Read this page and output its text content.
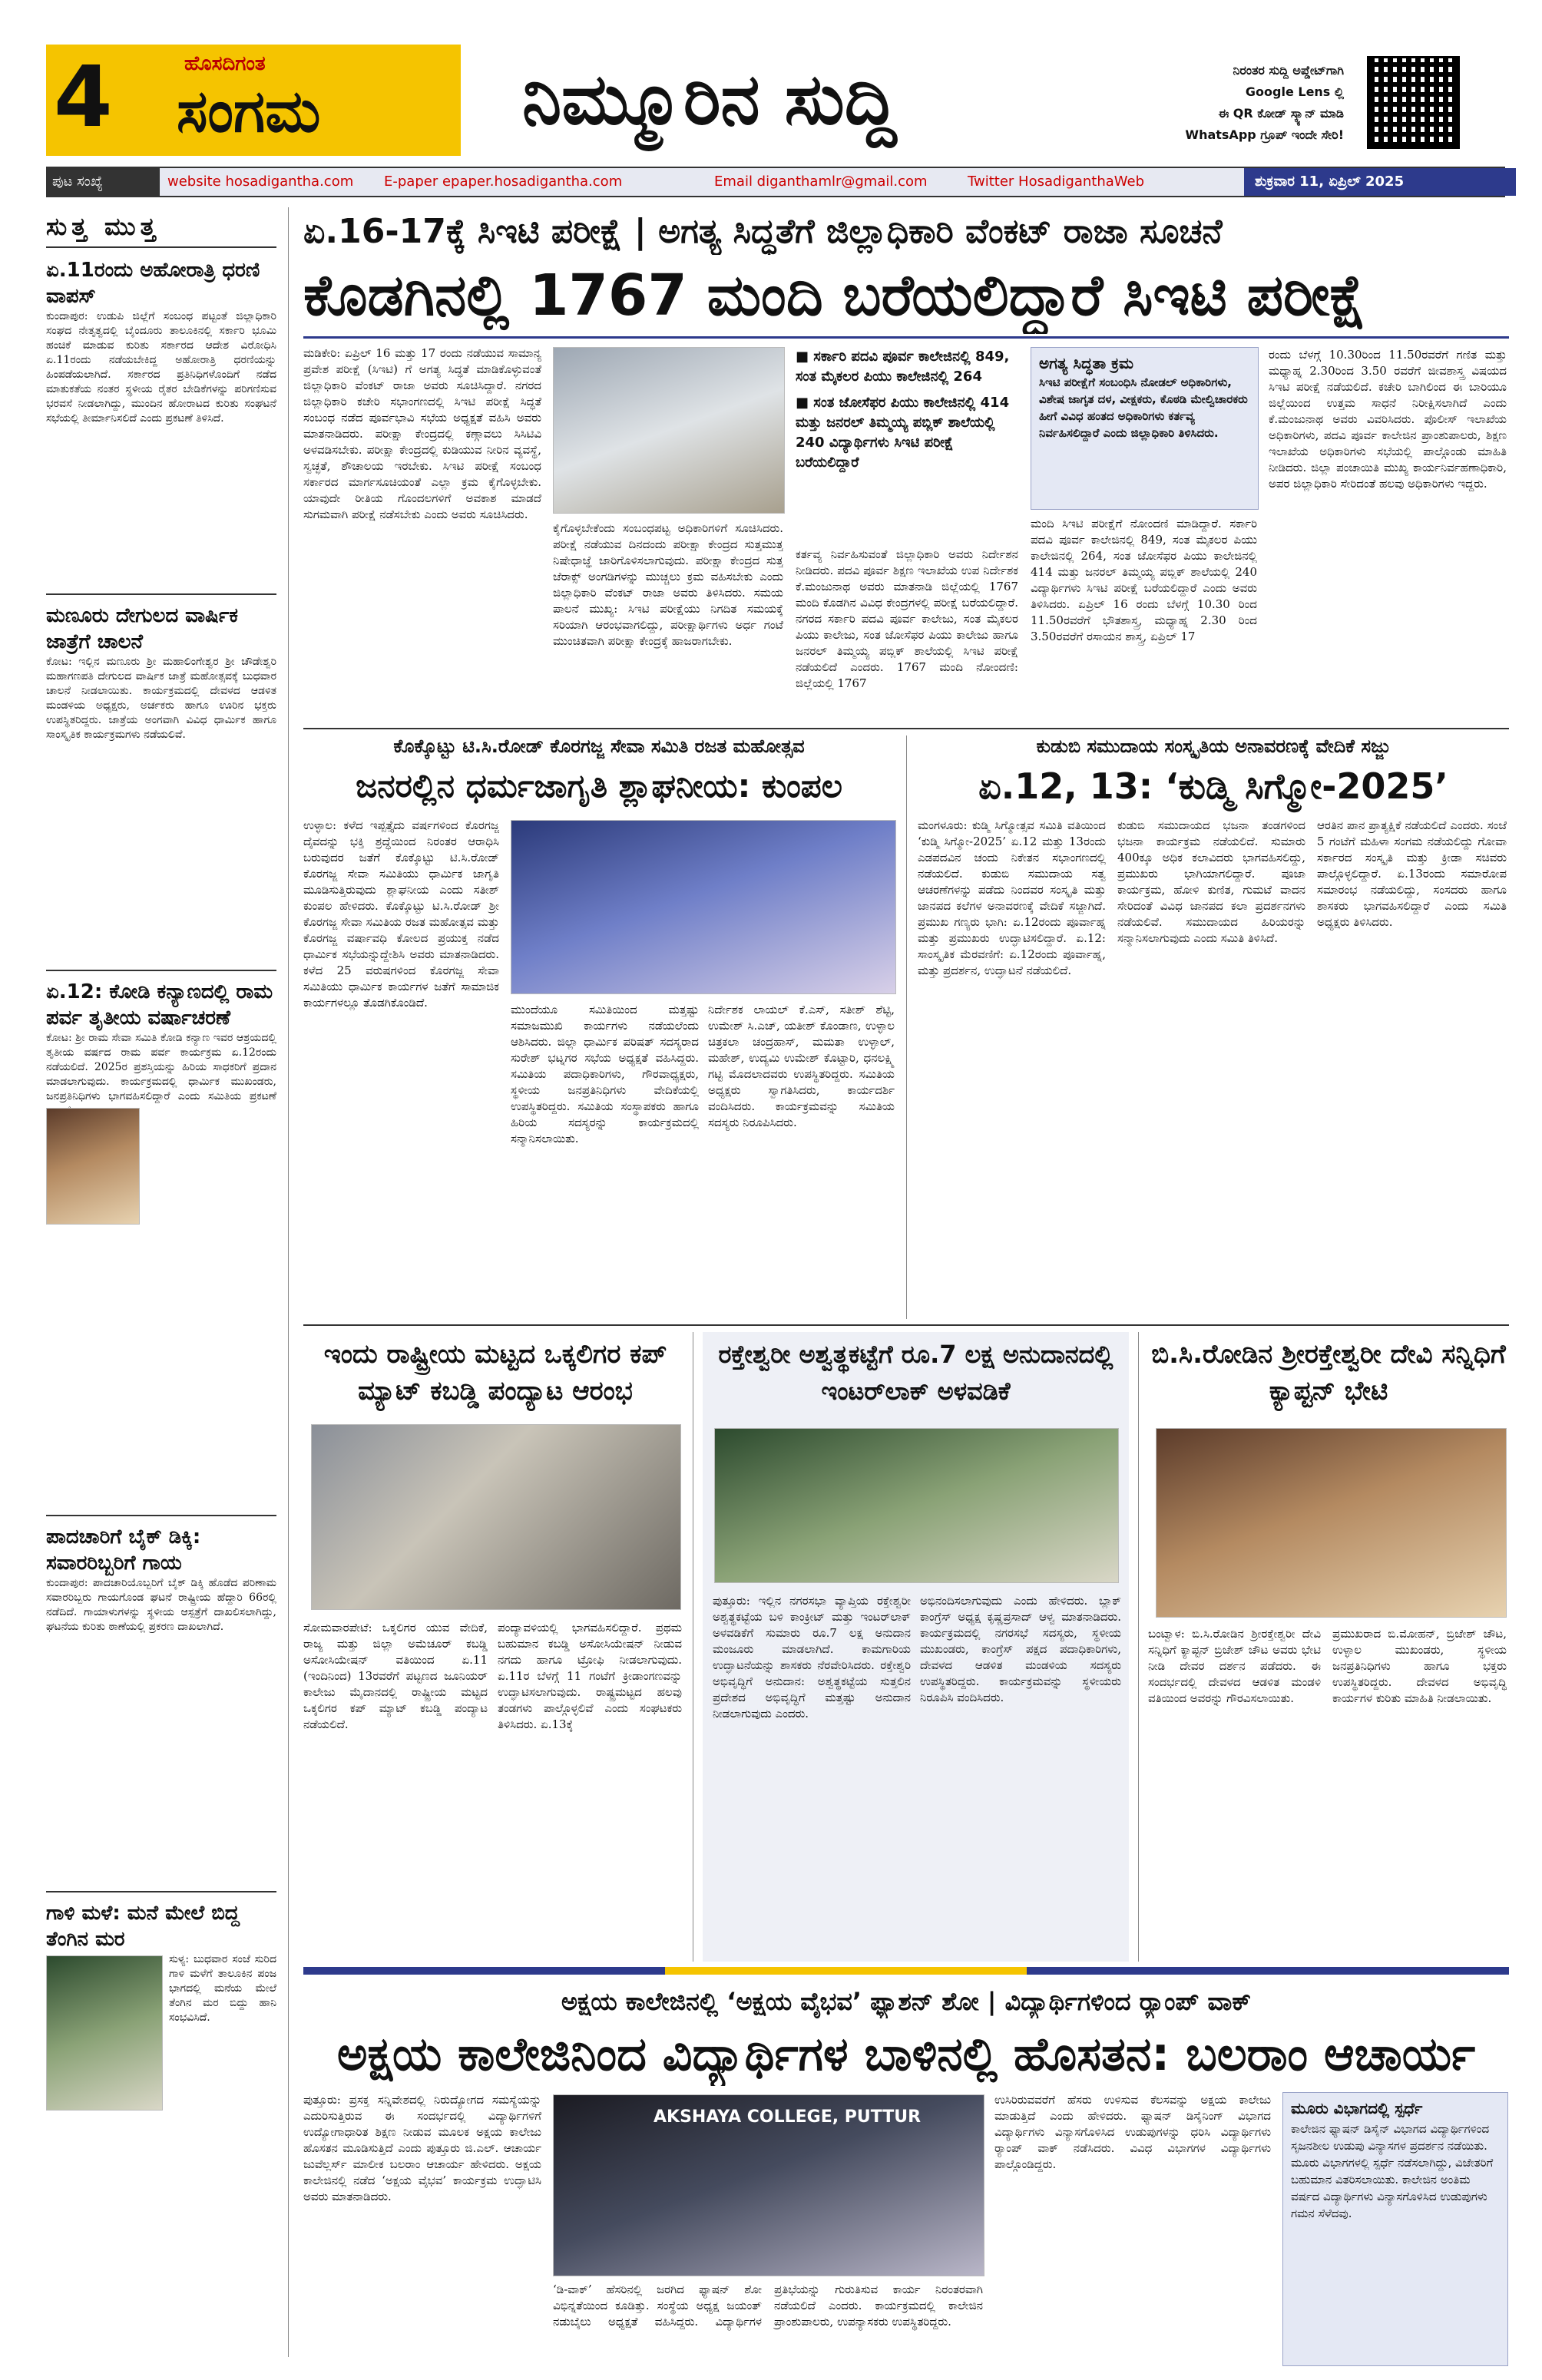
4	ಹೊಸದಿಗಂತ
ಸಂಗಮ	ನಿಮ್ಮೂರಿನ ಸುದ್ದಿ	ನಿರಂತರ ಸುದ್ದಿ ಅಪ್ಡೇಟ್‌ಗಾಗಿ
Google Lens ಲ್ಲಿ
ಈ QR ಕೋಡ್ ಸ್ಕ್ಯಾನ್ ಮಾಡಿ
WhatsApp ಗ್ರೂಪ್ ಇಂದೇ ಸೇರಿ!
ಪುಟ ಸಂಖ್ಯೆ	website hosadigantha.com E-paper epaper.hosadigantha.com	Email diganthamlr@gmail.com	Twitter HosadiganthaWeb	ಶುಕ್ರವಾರ 11, ಏಪ್ರಿಲ್ 2025
ಸುತ್ತ ಮುತ್ತ
ಏ.11ರಂದು ಅಹೋರಾತ್ರಿ ಧರಣಿ ವಾಪಸ್
ಕುಂದಾಪುರ: ಉಡುಪಿ ಜಿಲ್ಲೆಗೆ ಸಂಬಂಧ ಪಟ್ಟಂತೆ ಜಿಲ್ಲಾಧಿಕಾರಿ ಸಂಘದ ನೇತೃತ್ವದಲ್ಲಿ ಬೈಂದೂರು ತಾಲೂಕಿನಲ್ಲಿ ಸರ್ಕಾರಿ ಭೂಮಿ ಹಂಚಿಕೆ ಮಾಡುವ ಕುರಿತು ಸರ್ಕಾರದ ಆದೇಶ ವಿರೋಧಿಸಿ ಏ.11ರಂದು ನಡೆಯಬೇಕಿದ್ದ ಅಹೋರಾತ್ರಿ ಧರಣಿಯನ್ನು ಹಿಂಪಡೆಯಲಾಗಿದೆ. ಸರ್ಕಾರದ ಪ್ರತಿನಿಧಿಗಳೊಂದಿಗೆ ನಡೆದ ಮಾತುಕತೆಯ ನಂತರ ಸ್ಥಳೀಯ ರೈತರ ಬೇಡಿಕೆಗಳನ್ನು ಪರಿಗಣಿಸುವ ಭರವಸೆ ನೀಡಲಾಗಿದ್ದು, ಮುಂದಿನ ಹೋರಾಟದ ಕುರಿತು ಸಂಘಟನೆ ಸಭೆಯಲ್ಲಿ ತೀರ್ಮಾನಿಸಲಿದೆ ಎಂದು ಪ್ರಕಟಣೆ ತಿಳಿಸಿದೆ.
ಮಣೂರು ದೇಗುಲದ ವಾರ್ಷಿಕ ಜಾತ್ರೆಗೆ ಚಾಲನೆ
ಕೋಟ: ಇಲ್ಲಿನ ಮಣೂರು ಶ್ರೀ ಮಹಾಲಿಂಗೇಶ್ವರ ಶ್ರೀ ಚೌಡೇಶ್ವರಿ ಮಹಾಗಣಪತಿ ದೇಗುಲದ ವಾರ್ಷಿಕ ಜಾತ್ರೆ ಮಹೋತ್ಸವಕ್ಕೆ ಬುಧವಾರ ಚಾಲನೆ ನೀಡಲಾಯಿತು. ಕಾರ್ಯಕ್ರಮದಲ್ಲಿ ದೇವಳದ ಆಡಳಿತ ಮಂಡಳಿಯ ಅಧ್ಯಕ್ಷರು, ಅರ್ಚಕರು ಹಾಗೂ ಊರಿನ ಭಕ್ತರು ಉಪಸ್ಥಿತರಿದ್ದರು. ಜಾತ್ರೆಯ ಅಂಗವಾಗಿ ವಿವಿಧ ಧಾರ್ಮಿಕ ಹಾಗೂ ಸಾಂಸ್ಕೃತಿಕ ಕಾರ್ಯಕ್ರಮಗಳು ನಡೆಯಲಿವೆ.
ಏ.12: ಕೋಡಿ ಕನ್ಯಾಣದಲ್ಲಿ ರಾಮ ಪರ್ವ ತೃತೀಯ ವರ್ಷಾಚರಣೆ
ಕೋಟ: ಶ್ರೀ ರಾಮ ಸೇವಾ ಸಮಿತಿ ಕೋಡಿ ಕನ್ಯಾಣ ಇವರ ಆಶ್ರಯದಲ್ಲಿ ತೃತೀಯ ವರ್ಷದ ರಾಮ ಪರ್ವ ಕಾರ್ಯಕ್ರಮ ಏ.12ರಂದು ನಡೆಯಲಿದೆ. 2025ರ ಪ್ರಶಸ್ತಿಯನ್ನು ಹಿರಿಯ ಸಾಧಕರಿಗೆ ಪ್ರದಾನ ಮಾಡಲಾಗುವುದು. ಕಾರ್ಯಕ್ರಮದಲ್ಲಿ ಧಾರ್ಮಿಕ ಮುಖಂಡರು, ಜನಪ್ರತಿನಿಧಿಗಳು ಭಾಗವಹಿಸಲಿದ್ದಾರೆ ಎಂದು ಸಮಿತಿಯ ಪ್ರಕಟಣೆ
ಪಾದಚಾರಿಗೆ ಬೈಕ್ ಡಿಕ್ಕಿ: ಸವಾರರಿಬ್ಬರಿಗೆ ಗಾಯ
ಕುಂದಾಪುರ: ಪಾದಚಾರಿಯೊಬ್ಬರಿಗೆ ಬೈಕ್ ಡಿಕ್ಕಿ ಹೊಡೆದ ಪರಿಣಾಮ ಸವಾರರಿಬ್ಬರು ಗಾಯಗೊಂಡ ಘಟನೆ ರಾಷ್ಟ್ರೀಯ ಹೆದ್ದಾರಿ 66ರಲ್ಲಿ ನಡೆದಿದೆ. ಗಾಯಾಳುಗಳನ್ನು ಸ್ಥಳೀಯ ಆಸ್ಪತ್ರೆಗೆ ದಾಖಲಿಸಲಾಗಿದ್ದು, ಘಟನೆಯ ಕುರಿತು ಠಾಣೆಯಲ್ಲಿ ಪ್ರಕರಣ ದಾಖಲಾಗಿದೆ.
ಗಾಳಿ ಮಳೆ: ಮನೆ ಮೇಲೆ ಬಿದ್ದ ತೆಂಗಿನ ಮರ
ಸುಳ್ಯ: ಬುಧವಾರ ಸಂಜೆ ಸುರಿದ ಗಾಳಿ ಮಳೆಗೆ ತಾಲೂಕಿನ ಪಂಜ ಭಾಗದಲ್ಲಿ ಮನೆಯ ಮೇಲೆ ತೆಂಗಿನ ಮರ ಬಿದ್ದು ಹಾನಿ ಸಂಭವಿಸಿದೆ.
ಏ.16-17ಕ್ಕೆ ಸಿಇಟಿ ಪರೀಕ್ಷೆ | ಅಗತ್ಯ ಸಿದ್ಧತೆಗೆ ಜಿಲ್ಲಾಧಿಕಾರಿ ವೆಂಕಟ್ ರಾಜಾ ಸೂಚನೆ
ಕೊಡಗಿನಲ್ಲಿ 1767 ಮಂದಿ ಬರೆಯಲಿದ್ದಾರೆ ಸಿಇಟಿ ಪರೀಕ್ಷೆ
ಮಡಿಕೇರಿ: ಏಪ್ರಿಲ್ 16 ಮತ್ತು 17 ರಂದು ನಡೆಯುವ ಸಾಮಾನ್ಯ ಪ್ರವೇಶ ಪರೀಕ್ಷೆ (ಸಿಇಟಿ) ಗೆ ಅಗತ್ಯ ಸಿದ್ಧತೆ ಮಾಡಿಕೊಳ್ಳುವಂತೆ ಜಿಲ್ಲಾಧಿಕಾರಿ ವೆಂಕಟ್ ರಾಜಾ ಅವರು ಸೂಚಿಸಿದ್ದಾರೆ. ನಗರದ ಜಿಲ್ಲಾಧಿಕಾರಿ ಕಚೇರಿ ಸಭಾಂಗಣದಲ್ಲಿ ಸಿಇಟಿ ಪರೀಕ್ಷೆ ಸಿದ್ಧತೆ ಸಂಬಂಧ ನಡೆದ ಪೂರ್ವಭಾವಿ ಸಭೆಯ ಅಧ್ಯಕ್ಷತೆ ವಹಿಸಿ ಅವರು ಮಾತನಾಡಿದರು. ಪರೀಕ್ಷಾ ಕೇಂದ್ರದಲ್ಲಿ ಕಣ್ಗಾವಲು ಸಿಸಿಟಿವಿ ಅಳವಡಿಸಬೇಕು. ಪರೀಕ್ಷಾ ಕೇಂದ್ರದಲ್ಲಿ ಕುಡಿಯುವ ನೀರಿನ ವ್ಯವಸ್ಥೆ, ಸ್ವಚ್ಛತೆ, ಶೌಚಾಲಯ ಇರಬೇಕು. ಸಿಇಟಿ ಪರೀಕ್ಷೆ ಸಂಬಂಧ ಸರ್ಕಾರದ ಮಾರ್ಗಸೂಚಿಯಂತೆ ಎಲ್ಲಾ ಕ್ರಮ ಕೈಗೊಳ್ಳಬೇಕು. ಯಾವುದೇ ರೀತಿಯ ಗೊಂದಲಗಳಿಗೆ ಅವಕಾಶ ಮಾಡದೆ ಸುಗಮವಾಗಿ ಪರೀಕ್ಷೆ ನಡೆಸಬೇಕು ಎಂದು ಅವರು ಸೂಚಿಸಿದರು.
ಕೈಗೊಳ್ಳಬೇಕೆಂದು ಸಂಬಂಧಪಟ್ಟ ಅಧಿಕಾರಿಗಳಿಗೆ ಸೂಚಿಸಿದರು. ಪರೀಕ್ಷೆ ನಡೆಯುವ ದಿನದಂದು ಪರೀಕ್ಷಾ ಕೇಂದ್ರದ ಸುತ್ತಮುತ್ತ ನಿಷೇಧಾಜ್ಞೆ ಜಾರಿಗೊಳಿಸಲಾಗುವುದು. ಪರೀಕ್ಷಾ ಕೇಂದ್ರದ ಸುತ್ತ ಜೆರಾಕ್ಸ್ ಅಂಗಡಿಗಳನ್ನು ಮುಚ್ಚಲು ಕ್ರಮ ವಹಿಸಬೇಕು ಎಂದು ಜಿಲ್ಲಾಧಿಕಾರಿ ವೆಂಕಟ್ ರಾಜಾ ಅವರು ತಿಳಿಸಿದರು. ಸಮಯ ಪಾಲನೆ ಮುಖ್ಯ: ಸಿಇಟಿ ಪರೀಕ್ಷೆಯು ನಿಗದಿತ ಸಮಯಕ್ಕೆ ಸರಿಯಾಗಿ ಆರಂಭವಾಗಲಿದ್ದು, ಪರೀಕ್ಷಾರ್ಥಿಗಳು ಅರ್ಧ ಗಂಟೆ ಮುಂಚಿತವಾಗಿ ಪರೀಕ್ಷಾ ಕೇಂದ್ರಕ್ಕೆ ಹಾಜರಾಗಬೇಕು.
■ ಸರ್ಕಾರಿ ಪದವಿ ಪೂರ್ವ ಕಾಲೇಜಿನಲ್ಲಿ 849, ಸಂತ ಮೈಕಲರ ಪಿಯು ಕಾಲೇಜಿನಲ್ಲಿ 264
■ ಸಂತ ಜೋಸೆಫರ ಪಿಯು ಕಾಲೇಜಿನಲ್ಲಿ 414 ಮತ್ತು ಜನರಲ್ ತಿಮ್ಮಯ್ಯ ಪಬ್ಲಿಕ್ ಶಾಲೆಯಲ್ಲಿ 240 ವಿದ್ಯಾರ್ಥಿಗಳು ಸಿಇಟಿ ಪರೀಕ್ಷೆ ಬರೆಯಲಿದ್ದಾರೆ
ಕರ್ತವ್ಯ ನಿರ್ವಹಿಸುವಂತೆ ಜಿಲ್ಲಾಧಿಕಾರಿ ಅವರು ನಿರ್ದೇಶನ ನೀಡಿದರು. ಪದವಿ ಪೂರ್ವ ಶಿಕ್ಷಣ ಇಲಾಖೆಯ ಉಪ ನಿರ್ದೇಶಕ ಕೆ.ಮಂಜುನಾಥ ಅವರು ಮಾತನಾಡಿ ಜಿಲ್ಲೆಯಲ್ಲಿ 1767 ಮಂದಿ ಕೊಡಗಿನ ವಿವಿಧ ಕೇಂದ್ರಗಳಲ್ಲಿ ಪರೀಕ್ಷೆ ಬರೆಯಲಿದ್ದಾರೆ. ನಗರದ ಸರ್ಕಾರಿ ಪದವಿ ಪೂರ್ವ ಕಾಲೇಜು, ಸಂತ ಮೈಕಲರ ಪಿಯು ಕಾಲೇಜು, ಸಂತ ಜೋಸೆಫರ ಪಿಯು ಕಾಲೇಜು ಹಾಗೂ ಜನರಲ್ ತಿಮ್ಮಯ್ಯ ಪಬ್ಲಿಕ್ ಶಾಲೆಯಲ್ಲಿ ಸಿಇಟಿ ಪರೀಕ್ಷೆ ನಡೆಯಲಿದೆ ಎಂದರು. 1767 ಮಂದಿ ನೋಂದಣಿ: ಜಿಲ್ಲೆಯಲ್ಲಿ 1767
ಅಗತ್ಯ ಸಿದ್ಧತಾ ಕ್ರಮ
ಸಿಇಟಿ ಪರೀಕ್ಷೆಗೆ ಸಂಬಂಧಿಸಿ ನೋಡಲ್ ಅಧಿಕಾರಿಗಳು, ವಿಶೇಷ ಜಾಗೃತ ದಳ, ವೀಕ್ಷಕರು, ಕೊಠಡಿ ಮೇಲ್ವಿಚಾರಕರು ಹೀಗೆ ವಿವಿಧ ಹಂತದ ಅಧಿಕಾರಿಗಳು ಕರ್ತವ್ಯ ನಿರ್ವಹಿಸಲಿದ್ದಾರೆ ಎಂದು ಜಿಲ್ಲಾಧಿಕಾರಿ ತಿಳಿಸಿದರು.
ಮಂದಿ ಸಿಇಟಿ ಪರೀಕ್ಷೆಗೆ ನೋಂದಣಿ ಮಾಡಿದ್ದಾರೆ. ಸರ್ಕಾರಿ ಪದವಿ ಪೂರ್ವ ಕಾಲೇಜಿನಲ್ಲಿ 849, ಸಂತ ಮೈಕಲರ ಪಿಯು ಕಾಲೇಜಿನಲ್ಲಿ 264, ಸಂತ ಜೋಸೆಫರ ಪಿಯು ಕಾಲೇಜಿನಲ್ಲಿ 414 ಮತ್ತು ಜನರಲ್ ತಿಮ್ಮಯ್ಯ ಪಬ್ಲಿಕ್ ಶಾಲೆಯಲ್ಲಿ 240 ವಿದ್ಯಾರ್ಥಿಗಳು ಸಿಇಟಿ ಪರೀಕ್ಷೆ ಬರೆಯಲಿದ್ದಾರೆ ಎಂದು ಅವರು ತಿಳಿಸಿದರು. ಏಪ್ರಿಲ್ 16 ರಂದು ಬೆಳಗ್ಗೆ 10.30 ರಿಂದ 11.50ರವರೆಗೆ ಭೌತಶಾಸ್ತ್ರ, ಮಧ್ಯಾಹ್ನ 2.30 ರಿಂದ 3.50ರವರೆಗೆ ರಸಾಯನ ಶಾಸ್ತ್ರ, ಏಪ್ರಿಲ್ 17
ರಂದು ಬೆಳಗ್ಗೆ 10.30ರಿಂದ 11.50ರವರೆಗೆ ಗಣಿತ ಮತ್ತು ಮಧ್ಯಾಹ್ನ 2.30ರಿಂದ 3.50 ರವರೆಗೆ ಜೀವಶಾಸ್ತ್ರ ವಿಷಯದ ಸಿಇಟಿ ಪರೀಕ್ಷೆ ನಡೆಯಲಿದೆ. ಕಚೇರಿ ಬಾಗಿಲಿಂದ ಈ ಬಾರಿಯೂ ಜಿಲ್ಲೆಯಿಂದ ಉತ್ತಮ ಸಾಧನೆ ನಿರೀಕ್ಷಿಸಲಾಗಿದೆ ಎಂದು ಕೆ.ಮಂಜುನಾಥ ಅವರು ವಿವರಿಸಿದರು. ಪೊಲೀಸ್ ಇಲಾಖೆಯ ಅಧಿಕಾರಿಗಳು, ಪದವಿ ಪೂರ್ವ ಕಾಲೇಜಿನ ಪ್ರಾಂಶುಪಾಲರು, ಶಿಕ್ಷಣ ಇಲಾಖೆಯ ಅಧಿಕಾರಿಗಳು ಸಭೆಯಲ್ಲಿ ಪಾಲ್ಗೊಂಡು ಮಾಹಿತಿ ನೀಡಿದರು. ಜಿಲ್ಲಾ ಪಂಚಾಯಿತಿ ಮುಖ್ಯ ಕಾರ್ಯನಿರ್ವಹಣಾಧಿಕಾರಿ, ಅಪರ ಜಿಲ್ಲಾಧಿಕಾರಿ ಸೇರಿದಂತೆ ಹಲವು ಅಧಿಕಾರಿಗಳು ಇದ್ದರು.
ಕೊಕ್ಕೊಟ್ಟು ಟಿ.ಸಿ.ರೋಡ್ ಕೊರಗಜ್ಜ ಸೇವಾ ಸಮಿತಿ ರಜತ ಮಹೋತ್ಸವ
ಜನರಲ್ಲಿನ ಧರ್ಮಜಾಗೃತಿ ಶ್ಲಾಘನೀಯ: ಕುಂಪಲ
ಉಳ್ಳಾಲ: ಕಳೆದ ಇಪ್ಪತ್ತೈದು ವರ್ಷಗಳಿಂದ ಕೊರಗಜ್ಜ ದೈವದನ್ನು ಭಕ್ತಿ ಶ್ರದ್ಧೆಯಿಂದ ನಿರಂತರ ಆರಾಧಿಸಿ ಬರುವುದರ ಜತೆಗೆ ಕೊಕ್ಕೊಟ್ಟು ಟಿ.ಸಿ.ರೋಡ್ ಕೊರಗಜ್ಜ ಸೇವಾ ಸಮಿತಿಯು ಧಾರ್ಮಿಕ ಜಾಗೃತಿ ಮೂಡಿಸುತ್ತಿರುವುದು ಶ್ಲಾಘನೀಯ ಎಂದು ಸತೀಶ್ ಕುಂಪಲ ಹೇಳಿದರು. ಕೊಕ್ಕೊಟ್ಟು ಟಿ.ಸಿ.ರೋಡ್ ಶ್ರೀ ಕೊರಗಜ್ಜ ಸೇವಾ ಸಮಿತಿಯ ರಜತ ಮಹೋತ್ಸವ ಮತ್ತು ಕೊರಗಜ್ಜ ವರ್ಷಾವಧಿ ಕೋಲದ ಪ್ರಯುಕ್ತ ನಡೆದ ಧಾರ್ಮಿಕ ಸಭೆಯನ್ನುದ್ದೇಶಿಸಿ ಅವರು ಮಾತನಾಡಿದರು. ಕಳೆದ 25 ವರುಷಗಳಿಂದ ಕೊರಗಜ್ಜ ಸೇವಾ ಸಮಿತಿಯು ಧಾರ್ಮಿಕ ಕಾರ್ಯಗಳ ಜತೆಗೆ ಸಾಮಾಜಿಕ ಕಾರ್ಯಗಳಲ್ಲೂ ತೊಡಗಿಕೊಂಡಿದೆ.	ಮುಂದೆಯೂ ಸಮಿತಿಯಿಂದ ಮತ್ತಷ್ಟು ಸಮಾಜಮುಖಿ ಕಾರ್ಯಗಳು ನಡೆಯಲೆಂದು ಆಶಿಸಿದರು. ಜಿಲ್ಲಾ ಧಾರ್ಮಿಕ ಪರಿಷತ್ ಸದಸ್ಯರಾದ ಸುರೇಶ್ ಭಟ್ನಗರ ಸಭೆಯ ಅಧ್ಯಕ್ಷತೆ ವಹಿಸಿದ್ದರು. ಸಮಿತಿಯ ಪದಾಧಿಕಾರಿಗಳು, ಗೌರವಾಧ್ಯಕ್ಷರು, ಸ್ಥಳೀಯ ಜನಪ್ರತಿನಿಧಿಗಳು ವೇದಿಕೆಯಲ್ಲಿ ಉಪಸ್ಥಿತರಿದ್ದರು. ಸಮಿತಿಯ ಸಂಸ್ಥಾಪಕರು ಹಾಗೂ ಹಿರಿಯ ಸದಸ್ಯರನ್ನು ಕಾರ್ಯಕ್ರಮದಲ್ಲಿ ಸನ್ಮಾನಿಸಲಾಯಿತು.
ನಿರ್ದೇಶಕ ಲಾಯಲ್ ಕೆ.ಎಸ್, ಸತೀಶ್ ಶೆಟ್ಟಿ, ಉಮೇಶ್ ಸಿ.ಎಚ್, ಯತೀಶ್ ಕೊಂಡಾಣ, ಉಳ್ಳಾಲ ಚಿತ್ರಕಲಾ ಚಂದ್ರಹಾಸ್, ಮಮತಾ ಉಳ್ಳಾಲ್, ಮಹೇಶ್, ಉದ್ಯಮಿ ಉಮೇಶ್ ಕೊಟ್ಟಾರಿ, ಧನಲಕ್ಷ್ಮಿ ಗಟ್ಟಿ ಮೊದಲಾದವರು ಉಪಸ್ಥಿತರಿದ್ದರು. ಸಮಿತಿಯ ಅಧ್ಯಕ್ಷರು ಸ್ವಾಗತಿಸಿದರು, ಕಾರ್ಯದರ್ಶಿ ವಂದಿಸಿದರು. ಕಾರ್ಯಕ್ರಮವನ್ನು ಸಮಿತಿಯ ಸದಸ್ಯರು ನಿರೂಪಿಸಿದರು.
ಕುಡುಬಿ ಸಮುದಾಯ ಸಂಸ್ಕೃತಿಯ ಅನಾವರಣಕ್ಕೆ ವೇದಿಕೆ ಸಜ್ಜು
ಏ.12, 13: ‘ಕುಡ್ಮಿ ಸಿಗ್ಮೋ-2025’
ಮಂಗಳೂರು: ಕುಡ್ಮಿ ಸಿಗ್ಮೋತ್ಸವ ಸಮಿತಿ ವತಿಯಿಂದ ‘ಕುಡ್ಮಿ ಸಿಗ್ಮೋ-2025’ ಏ.12 ಮತ್ತು 13ರಂದು ಎಡಪದವಿನ ಚಂದು ನಿಕೇತನ ಸಭಾಂಗಣದಲ್ಲಿ ನಡೆಯಲಿದೆ. ಕುಡುಬಿ ಸಮುದಾಯ ಸತ್ವ ಆಚರಣೆಗಳನ್ನು ಪಡೆದು ನಿಂದವರ ಸಂಸ್ಕೃತಿ ಮತ್ತು ಜಾನಪದ ಕಲೆಗಳ ಅನಾವರಣಕ್ಕೆ ವೇದಿಕೆ ಸಜ್ಜಾಗಿದೆ. ಪ್ರಮುಖ ಗಣ್ಯರು ಭಾಗಿ: ಏ.12ರಂದು ಪೂರ್ವಾಹ್ನ ಮತ್ತು ಪ್ರಮುಖರು ಉದ್ಘಾಟಿಸಲಿದ್ದಾರೆ. ಏ.12: ಸಾಂಸ್ಕೃತಿಕ ಮೆರವಣಿಗೆ: ಏ.12ರಂದು ಪೂರ್ವಾಹ್ನ, ಮತ್ತು ಪ್ರದರ್ಶನ, ಉದ್ಘಾಟನೆ ನಡೆಯಲಿದೆ.
ಕುಡುಬಿ ಸಮುದಾಯದ ಭಜನಾ ತಂಡಗಳಿಂದ ಭಜನಾ ಕಾರ್ಯಕ್ರಮ ನಡೆಯಲಿದೆ. ಸುಮಾರು 400ಕ್ಕೂ ಅಧಿಕ ಕಲಾವಿದರು ಭಾಗವಹಿಸಲಿದ್ದು, ಪ್ರಮುಖರು ಭಾಗಿಯಾಗಲಿದ್ದಾರೆ. ಪೂಜಾ ಕಾರ್ಯಕ್ರಮ, ಹೋಳಿ ಕುಣಿತ, ಗುಮಟೆ ವಾದನ ಸೇರಿದಂತೆ ವಿವಿಧ ಜಾನಪದ ಕಲಾ ಪ್ರದರ್ಶನಗಳು ನಡೆಯಲಿವೆ. ಸಮುದಾಯದ ಹಿರಿಯರನ್ನು ಸನ್ಮಾನಿಸಲಾಗುವುದು ಎಂದು ಸಮಿತಿ ತಿಳಿಸಿದೆ.
ಆರತಿನ ಪಾನ ಪ್ರಾತ್ಯಕ್ಷಿಕೆ ನಡೆಯಲಿದೆ ಎಂದರು. ಸಂಜೆ 5 ಗಂಟೆಗೆ ಮಹಿಳಾ ಸಂಗಮ ನಡೆಯಲಿದ್ದು ಗೋವಾ ಸರ್ಕಾರದ ಸಂಸ್ಕೃತಿ ಮತ್ತು ಕ್ರೀಡಾ ಸಚಿವರು ಪಾಲ್ಗೊಳ್ಳಲಿದ್ದಾರೆ. ಏ.13ರಂದು ಸಮಾರೋಪ ಸಮಾರಂಭ ನಡೆಯಲಿದ್ದು, ಸಂಸದರು ಹಾಗೂ ಶಾಸಕರು ಭಾಗವಹಿಸಲಿದ್ದಾರೆ ಎಂದು ಸಮಿತಿ ಅಧ್ಯಕ್ಷರು ತಿಳಿಸಿದರು.
ಇಂದು ರಾಷ್ಟ್ರೀಯ ಮಟ್ಟದ ಒಕ್ಕಲಿಗರ ಕಪ್ ಮ್ಯಾಟ್ ಕಬಡ್ಡಿ ಪಂದ್ಯಾಟ ಆರಂಭ
ಸೋಮವಾರಪೇಟೆ: ಒಕ್ಕಲಿಗರ ಯುವ ವೇದಿಕೆ, ರಾಜ್ಯ ಮತ್ತು ಜಿಲ್ಲಾ ಅಮೆಚೂರ್ ಕಬಡ್ಡಿ ಅಸೋಸಿಯೇಷನ್ ವತಿಯಿಂದ ಏ.11 (ಇಂದಿನಿಂದ) 13ರವರೆಗೆ ಪಟ್ಟಣದ ಜೂನಿಯರ್ ಕಾಲೇಜು ಮೈದಾನದಲ್ಲಿ ರಾಷ್ಟ್ರೀಯ ಮಟ್ಟದ ಒಕ್ಕಲಿಗರ ಕಪ್ ಮ್ಯಾಟ್ ಕಬಡ್ಡಿ ಪಂದ್ಯಾಟ ನಡೆಯಲಿದೆ.
ಪಂದ್ಯಾವಳಿಯಲ್ಲಿ ಭಾಗವಹಿಸಲಿದ್ದಾರೆ. ಪ್ರಥಮ ಬಹುಮಾನ ಕಬಡ್ಡಿ ಅಸೋಸಿಯೇಷನ್ ನೀಡುವ ನಗದು ಹಾಗೂ ಟ್ರೋಫಿ ನೀಡಲಾಗುವುದು. ಏ.11ರ ಬೆಳಗ್ಗೆ 11 ಗಂಟೆಗೆ ಕ್ರೀಡಾಂಗಣವನ್ನು ಉದ್ಘಾಟಿಸಲಾಗುವುದು. ರಾಷ್ಟ್ರಮಟ್ಟದ ಹಲವು ತಂಡಗಳು ಪಾಲ್ಗೊಳ್ಳಲಿವೆ ಎಂದು ಸಂಘಟಕರು ತಿಳಿಸಿದರು. ಏ.13ಕ್ಕೆ
ರಕ್ತೇಶ್ವರೀ ಅಶ್ವತ್ಥಕಟ್ಟೆಗೆ ರೂ.7 ಲಕ್ಷ ಅನುದಾನದಲ್ಲಿ ಇಂಟರ್‌ಲಾಕ್ ಅಳವಡಿಕೆ
ಪುತ್ತೂರು: ಇಲ್ಲಿನ ನಗರಸಭಾ ವ್ಯಾಪ್ತಿಯ ರಕ್ತೇಶ್ವರೀ ಅಶ್ವತ್ಥಕಟ್ಟೆಯ ಬಳಿ ಕಾಂಕ್ರೀಟ್ ಮತ್ತು ಇಂಟರ್‌ಲಾಕ್ ಅಳವಡಿಕೆಗೆ ಸುಮಾರು ರೂ.7 ಲಕ್ಷ ಅನುದಾನ ಮಂಜೂರು ಮಾಡಲಾಗಿದೆ. ಕಾಮಗಾರಿಯ ಉದ್ಘಾಟನೆಯನ್ನು ಶಾಸಕರು ನೆರವೇರಿಸಿದರು. ರಕ್ತೇಶ್ವರಿ ಅಭಿವೃದ್ಧಿಗೆ ಅನುದಾನ: ಅಶ್ವತ್ಥಕಟ್ಟೆಯ ಸುತ್ತಲಿನ ಪ್ರದೇಶದ ಅಭಿವೃದ್ಧಿಗೆ ಮತ್ತಷ್ಟು ಅನುದಾನ ನೀಡಲಾಗುವುದು ಎಂದರು.
ಅಭಿನಂದಿಸಲಾಗುವುದು ಎಂದು ಹೇಳಿದರು. ಬ್ಲಾಕ್ ಕಾಂಗ್ರೆಸ್ ಅಧ್ಯಕ್ಷ ಕೃಷ್ಣಪ್ರಸಾದ್ ಆಳ್ವ ಮಾತನಾಡಿದರು. ಕಾರ್ಯಕ್ರಮದಲ್ಲಿ ನಗರಸಭೆ ಸದಸ್ಯರು, ಸ್ಥಳೀಯ ಮುಖಂಡರು, ಕಾಂಗ್ರೆಸ್ ಪಕ್ಷದ ಪದಾಧಿಕಾರಿಗಳು, ದೇವಳದ ಆಡಳಿತ ಮಂಡಳಿಯ ಸದಸ್ಯರು ಉಪಸ್ಥಿತರಿದ್ದರು. ಕಾರ್ಯಕ್ರಮವನ್ನು ಸ್ಥಳೀಯರು ನಿರೂಪಿಸಿ ವಂದಿಸಿದರು.
ಬಿ.ಸಿ.ರೋಡಿನ ಶ್ರೀರಕ್ತೇಶ್ವರೀ ದೇವಿ ಸನ್ನಿಧಿಗೆ ಕ್ಯಾಪ್ಟನ್ ಭೇಟಿ
ಬಂಟ್ವಾಳ: ಬಿ.ಸಿ.ರೋಡಿನ ಶ್ರೀರಕ್ತೇಶ್ವರೀ ದೇವಿ ಸನ್ನಿಧಿಗೆ ಕ್ಯಾಪ್ಟನ್ ಬ್ರಿಜೇಶ್ ಚೌಟ ಅವರು ಭೇಟಿ ನೀಡಿ ದೇವರ ದರ್ಶನ ಪಡೆದರು. ಈ ಸಂದರ್ಭದಲ್ಲಿ ದೇವಳದ ಆಡಳಿತ ಮಂಡಳಿ ವತಿಯಿಂದ ಅವರನ್ನು ಗೌರವಿಸಲಾಯಿತು.
ಪ್ರಮುಖರಾದ ಬಿ.ಮೋಹನ್, ಬ್ರಿಜೇಶ್ ಚೌಟ, ಉಳ್ಳಾಲ ಮುಖಂಡರು, ಸ್ಥಳೀಯ ಜನಪ್ರತಿನಿಧಿಗಳು ಹಾಗೂ ಭಕ್ತರು ಉಪಸ್ಥಿತರಿದ್ದರು. ದೇವಳದ ಅಭಿವೃದ್ಧಿ ಕಾರ್ಯಗಳ ಕುರಿತು ಮಾಹಿತಿ ನೀಡಲಾಯಿತು.
ಅಕ್ಷಯ ಕಾಲೇಜಿನಲ್ಲಿ ‘ಅಕ್ಷಯ ವೈಭವ’ ಫ್ಯಾಶನ್ ಶೋ | ವಿದ್ಯಾರ್ಥಿಗಳಿಂದ ರ್‍ಯಾಂಪ್ ವಾಕ್
ಅಕ್ಷಯ ಕಾಲೇಜಿನಿಂದ ವಿದ್ಯಾರ್ಥಿಗಳ ಬಾಳಿನಲ್ಲಿ ಹೊಸತನ: ಬಲರಾಂ ಆಚಾರ್ಯ
ಪುತ್ತೂರು: ಪ್ರಸಕ್ತ ಸನ್ನಿವೇಶದಲ್ಲಿ ನಿರುದ್ಯೋಗದ ಸಮಸ್ಯೆಯನ್ನು ಎದುರಿಸುತ್ತಿರುವ ಈ ಸಂದರ್ಭದಲ್ಲಿ ವಿದ್ಯಾರ್ಥಿಗಳಿಗೆ ಉದ್ಯೋಗಾಧಾರಿತ ಶಿಕ್ಷಣ ನೀಡುವ ಮೂಲಕ ಅಕ್ಷಯ ಕಾಲೇಜು ಹೊಸತನ ಮೂಡಿಸುತ್ತಿದೆ ಎಂದು ಪುತ್ತೂರು ಜಿ.ಎಲ್. ಆಚಾರ್ಯ ಜುವೆಲ್ಲರ್ಸ್ ಮಾಲೀಕ ಬಲರಾಂ ಆಚಾರ್ಯ ಹೇಳಿದರು. ಅಕ್ಷಯ ಕಾಲೇಜಿನಲ್ಲಿ ನಡೆದ ‘ಅಕ್ಷಯ ವೈಭವ’ ಕಾರ್ಯಕ್ರಮ ಉದ್ಘಾಟಿಸಿ ಅವರು ಮಾತನಾಡಿದರು.
AKSHAYA COLLEGE, PUTTUR
‘ಡಿ-ವಾಕ್’ ಹೆಸರಿನಲ್ಲಿ ಜರಗಿದ ಫ್ಯಾಷನ್ ಶೋ ವಿಭಿನ್ನತೆಯಿಂದ ಕೂಡಿತ್ತು. ಸಂಸ್ಥೆಯ ಅಧ್ಯಕ್ಷ ಜಯಂತ್ ನಡುಬೈಲು ಅಧ್ಯಕ್ಷತೆ ವಹಿಸಿದ್ದರು. ವಿದ್ಯಾರ್ಥಿಗಳ ಪ್ರತಿಭೆಯನ್ನು ಗುರುತಿಸುವ ಕಾರ್ಯ ನಿರಂತರವಾಗಿ ನಡೆಯಲಿದೆ ಎಂದರು. ಕಾರ್ಯಕ್ರಮದಲ್ಲಿ ಕಾಲೇಜಿನ ಪ್ರಾಂಶುಪಾಲರು, ಉಪನ್ಯಾಸಕರು ಉಪಸ್ಥಿತರಿದ್ದರು.
ಉಸಿರಿರುವವರೆಗೆ ಹೆಸರು ಉಳಿಸುವ ಕೆಲಸವನ್ನು ಅಕ್ಷಯ ಕಾಲೇಜು ಮಾಡುತ್ತಿದೆ ಎಂದು ಹೇಳಿದರು. ಫ್ಯಾಷನ್ ಡಿಸೈನಿಂಗ್ ವಿಭಾಗದ ವಿದ್ಯಾರ್ಥಿಗಳು ವಿನ್ಯಾಸಗೊಳಿಸಿದ ಉಡುಪುಗಳನ್ನು ಧರಿಸಿ ವಿದ್ಯಾರ್ಥಿಗಳು ರ್‍ಯಾಂಪ್ ವಾಕ್ ನಡೆಸಿದರು. ವಿವಿಧ ವಿಭಾಗಗಳ ವಿದ್ಯಾರ್ಥಿಗಳು ಪಾಲ್ಗೊಂಡಿದ್ದರು.
ಮೂರು ವಿಭಾಗದಲ್ಲಿ ಸ್ಪರ್ಧೆ
ಕಾಲೇಜಿನ ಫ್ಯಾಷನ್ ಡಿಸೈನ್ ವಿಭಾಗದ ವಿದ್ಯಾರ್ಥಿಗಳಿಂದ ಸೃಜನಶೀಲ ಉಡುಪು ವಿನ್ಯಾಸಗಳ ಪ್ರದರ್ಶನ ನಡೆಯಿತು. ಮೂರು ವಿಭಾಗಗಳಲ್ಲಿ ಸ್ಪರ್ಧೆ ನಡೆಸಲಾಗಿದ್ದು, ವಿಜೇತರಿಗೆ ಬಹುಮಾನ ವಿತರಿಸಲಾಯಿತು. ಕಾಲೇಜಿನ ಅಂತಿಮ ವರ್ಷದ ವಿದ್ಯಾರ್ಥಿಗಳು ವಿನ್ಯಾಸಗೊಳಿಸಿದ ಉಡುಪುಗಳು ಗಮನ ಸೆಳೆದವು.
